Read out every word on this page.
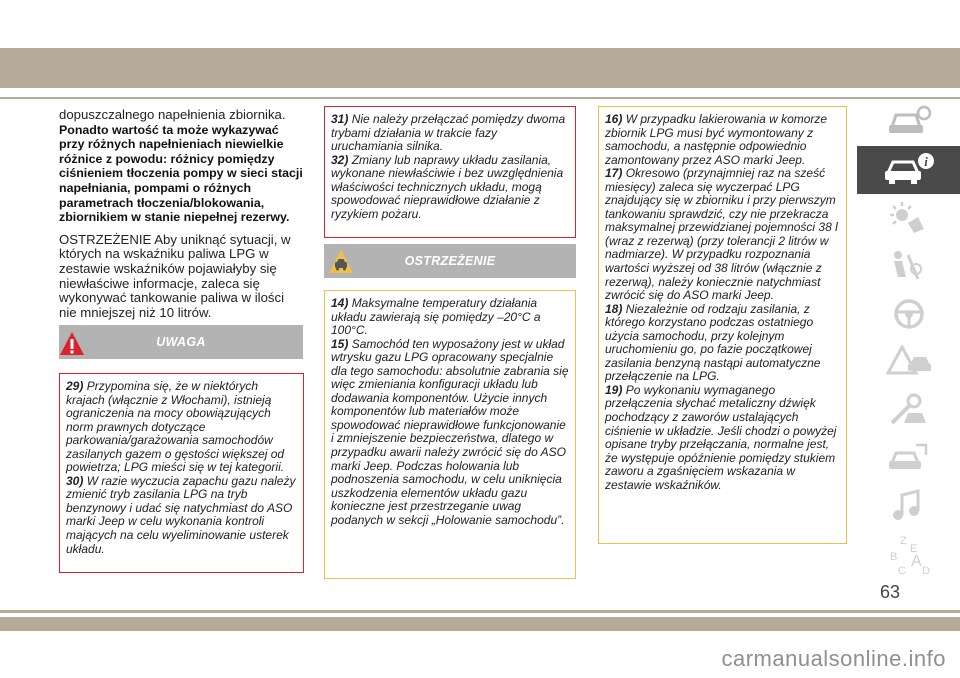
dopuszczalnego napełnienia zbiornika.

Ponadto wartość ta może wykazywać przy różnych napełnieniach niewielkie różnice z powodu: różnicy pomiędzy ciśnieniem tłoczenia pompy w sieci stacji napełniania, pompami o różnych parametrach tłoczenia/blokowania, zbiornikiem w stanie niepełnej rezerwy.

OSTRZEŻENIE Aby uniknąć sytuacji, w których na wskaźniku paliwa LPG w zestawie wskaźników pojawiałyby się niewłaściwe informacje, zaleca się wykonywać tankowanie paliwa w ilości nie mniejszej niż 10 litrów.

UWAGA

29) Przypomina się, że w niektórych krajach (włącznie z Włochami), istnieją ograniczenia na mocy obowiązujących norm prawnych dotyczące parkowania/garażowania samochodów zasilanych gazem o gęstości większej od powietrza; LPG mieści się w tej kategorii.

30) W razie wyczucia zapachu gazu należy zmienić tryb zasilania LPG na tryb benzynowy i udać się natychmiast do ASO marki Jeep w celu wykonania kontroli mających na celu wyeliminowanie usterek układu.

31) Nie należy przełączać pomiędzy dwoma trybami działania w trakcie fazy uruchamiania silnika.

32) Zmiany lub naprawy układu zasilania, wykonane niewłaściwie i bez uwzględnienia właściwości technicznych układu, mogą spowodować nieprawidłowe działanie z ryzykiem pożaru.

OSTRZEŻENIE

14) Maksymalne temperatury działania układu zawierają się pomiędzy –20°C a 100°C.

15) Samochód ten wyposażony jest w układ wtrysku gazu LPG opracowany specjalnie dla tego samochodu: absolutnie zabrania się więc zmieniania konfiguracji układu lub dodawania komponentów. Użycie innych komponentów lub materiałów może spowodować nieprawidłowe funkcjonowanie i zmniejszenie bezpieczeństwa, dlatego w przypadku awarii należy zwrócić się do ASO marki Jeep. Podczas holowania lub podnoszenia samochodu, w celu uniknięcia uszkodzenia elementów układu gazu konieczne jest przestrzeganie uwag podanych w sekcji „Holowanie samochodu”.

16) W przypadku lakierowania w komorze zbiornik LPG musi być wymontowany z samochodu, a następnie odpowiednio zamontowany przez ASO marki Jeep.

17) Okresowo (przynajmniej raz na sześć miesięcy) zaleca się wyczerpać LPG znajdujący się w zbiorniku i przy pierwszym tankowaniu sprawdzić, czy nie przekracza maksymalnej przewidzianej pojemności 38 l (wraz z rezerwą) (przy tolerancji 2 litrów w nadmiarze). W przypadku rozpoznania wartości wyższej od 38 litrów (włącznie z rezerwą), należy koniecznie natychmiast zwrócić się do ASO marki Jeep.

18) Niezależnie od rodzaju zasilania, z którego korzystano podczas ostatniego użycia samochodu, przy kolejnym uruchomieniu go, po fazie początkowej zasilania benzyną nastąpi automatyczne przełączenie na LPG.

19) Po wykonaniu wymaganego przełączenia słychać metaliczny dźwięk pochodzący z zaworów ustalających ciśnienie w układzie. Jeśli chodzi o powyżej opisane tryby przełączania, normalne jest, że występuje opóźnienie pomiędzy stukiem zaworu a zgaśnięciem wskazania w zestawie wskaźników.

i
Z
E
B A
C D
63
carmanualsonline.info
